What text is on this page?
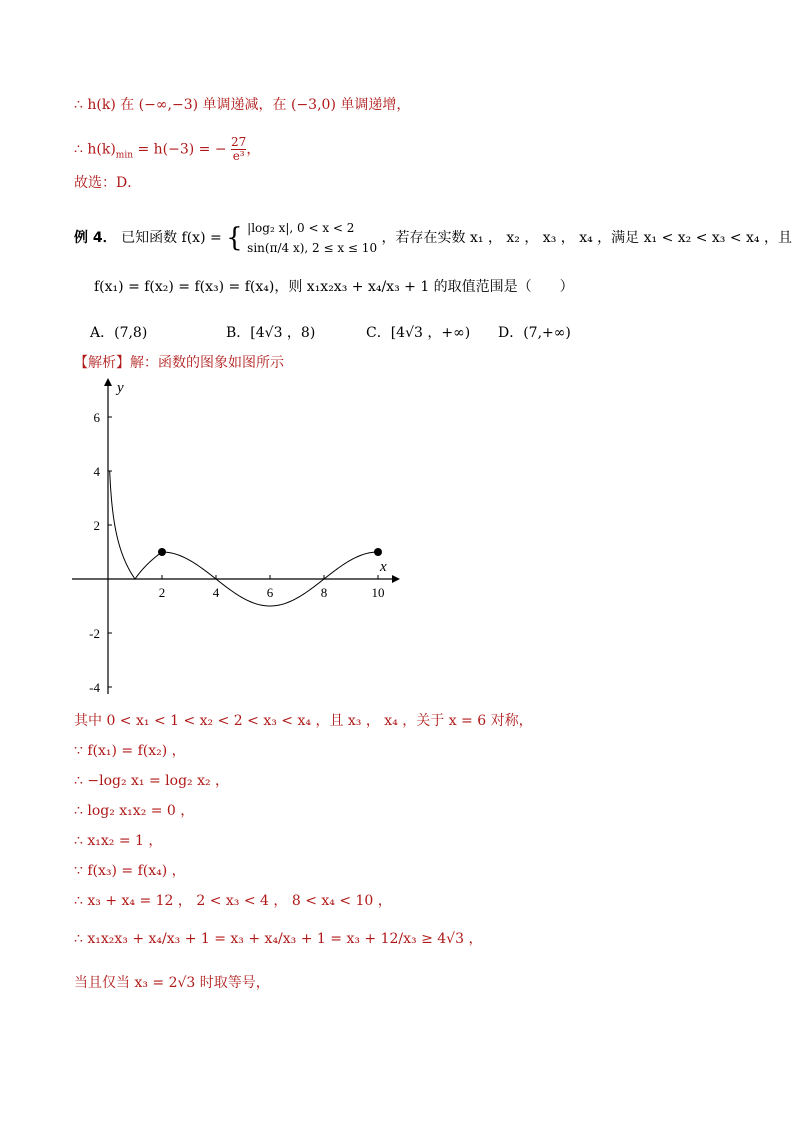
∴ h(k) 在 (−∞,−3) 单调递减，在 (−3,0) 单调递增，
∴ $h(k)_{min} = h(-3)$ = − $\frac{27}{\text{e³}}$ ，
故选：D．
例 4． 已知函数 f(x) = { |log₂ x|, 0 < x < 2
sin(π/4 x), 2 ≤ x ≤ 10
，若存在实数 x₁ ， x₂ ， x₃ ， x₄ ，满足 x₁ < x₂ < x₃ < x₄ ，且
f(x₁) = f(x₂) = f(x₃) = f(x₄)，则 x₁x₂x₃ + x₄/x₃ + 1 的取值范围是（　　）
A．(7,8)	B．[4√3 ，8)	C．[4√3 ，+∞) D．(7,+∞)
【解析】解：函数的图象如图所示
x
y
2	4	6	8	10
6
4
2
-2
-4
其中 0 < x₁ < 1 < x₂ < 2 < x₃ < x₄ ，且 x₃ ， x₄ ，关于 x = 6 对称，
∵ f(x₁) = f(x₂) ，
∴ −log₂ x₁ = log₂ x₂ ，
∴ log₂ x₁x₂ = 0 ，
∴ x₁x₂ = 1 ，
∵ f(x₃) = f(x₄) ，
∴ x₃ + x₄ = 12 ， 2 < x₃ < 4 ， 8 < x₄ < 10 ，
∴ x₁x₂x₃ + x₄/x₃ + 1 = x₃ + x₄/x₃ + 1 = x₃ + 12/x₃ ≥ 4√3 ，
当且仅当 x₃ = 2√3 时取等号，
